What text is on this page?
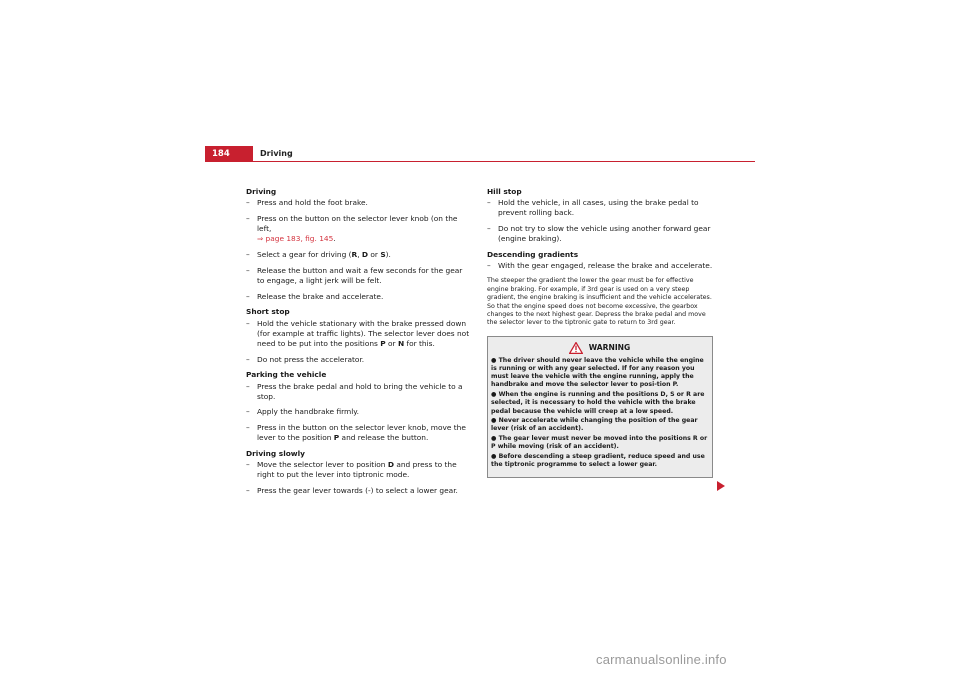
184	Driving
Driving
– Press and hold the foot brake.
– Press on the button on the selector lever knob (on the left,
⇒ page 183, fig. 145.
– Select a gear for driving (R, D or S).
– Release the button and wait a few seconds for the gear to engage, a light jerk will be felt.
– Release the brake and accelerate.
Short stop
– Hold the vehicle stationary with the brake pressed down (for example at traffic lights). The selector lever does not need to be put into the positions P or N for this.
– Do not press the accelerator.
Parking the vehicle
– Press the brake pedal and hold to bring the vehicle to a stop.
– Apply the handbrake firmly.
– Press in the button on the selector lever knob, move the lever to the position P and release the button.
Driving slowly
– Move the selector lever to position D and press to the right to put the lever into tiptronic mode.
– Press the gear lever towards (-) to select a lower gear.
Hill stop
– Hold the vehicle, in all cases, using the brake pedal to prevent rolling back.
– Do not try to slow the vehicle using another forward gear (engine braking).
Descending gradients
– With the gear engaged, release the brake and accelerate.
The steeper the gradient the lower the gear must be for effective engine braking. For example, if 3rd gear is used on a very steep gradient, the engine braking is insufficient and the vehicle accelerates. So that the engine speed does not become excessive, the gearbox changes to the next highest gear. Depress the brake pedal and move the selector lever to the tiptronic gate to return to 3rd gear.
WARNING
● The driver should never leave the vehicle while the engine is running or with any gear selected. If for any reason you must leave the vehicle with the engine running, apply the handbrake and move the selector lever to posi-tion P.
● When the engine is running and the positions D, S or R are selected, it is necessary to hold the vehicle with the brake pedal because the vehicle will creep at a low speed.
● Never accelerate while changing the position of the gear lever (risk of an accident).
● The gear lever must never be moved into the positions R or P while moving (risk of an accident).
● Before descending a steep gradient, reduce speed and use the tiptronic programme to select a lower gear.
carmanualsonline.info
